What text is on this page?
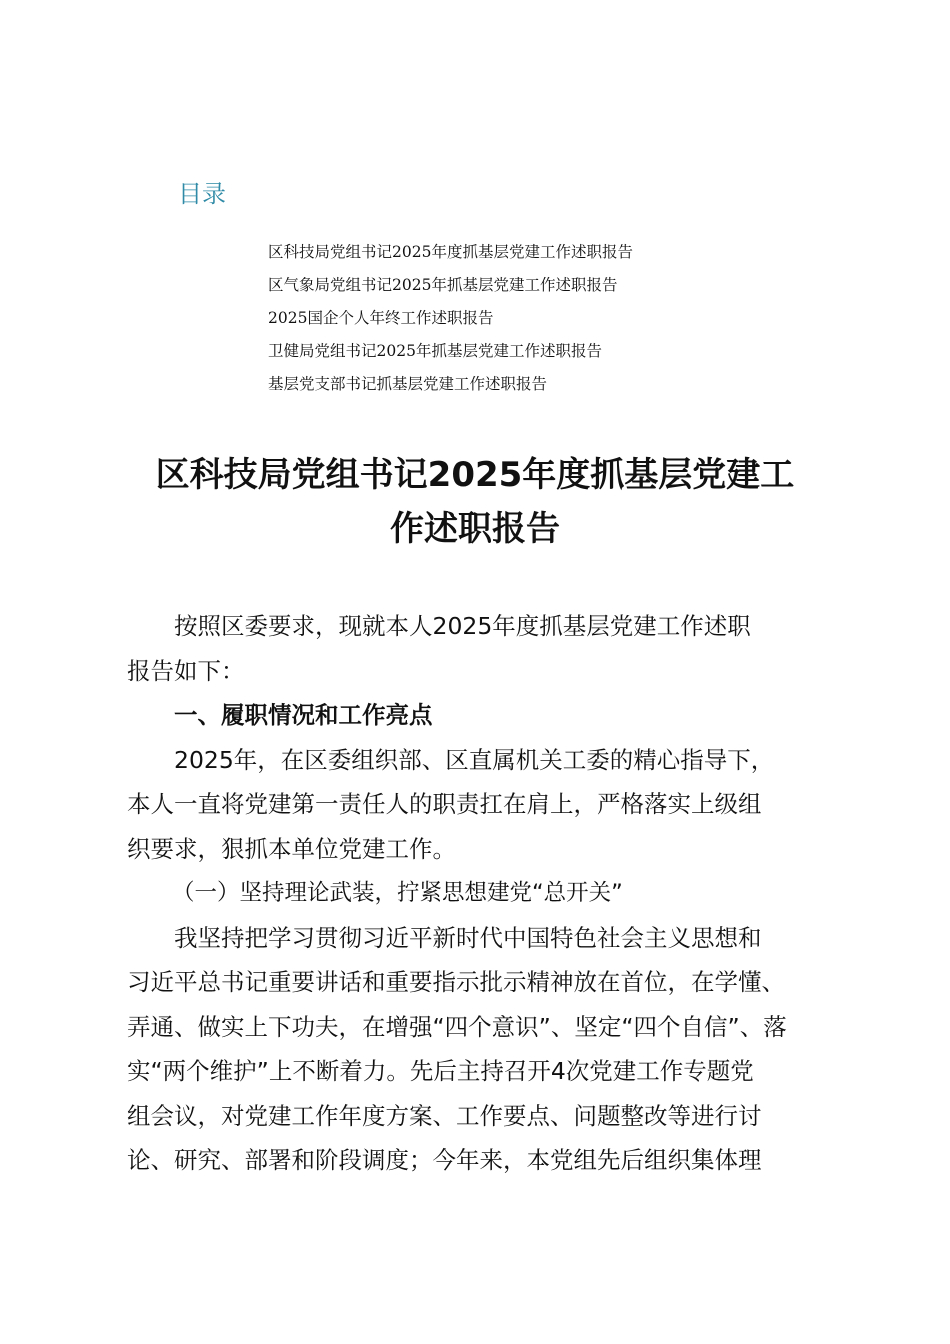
目录
区科技局党组书记2025年度抓基层党建工作述职报告
区气象局党组书记2025年抓基层党建工作述职报告
2025国企个人年终工作述职报告
卫健局党组书记2025年抓基层党建工作述职报告
基层党支部书记抓基层党建工作述职报告
区科技局党组书记2025年度抓基层党建工
作述职报告

按照区委要求，现就本人2025年度抓基层党建工作述职
报告如下：

一、履职情况和工作亮点

2025年，在区委组织部、区直属机关工委的精心指导下，
本人一直将党建第一责任人的职责扛在肩上，严格落实上级组
织要求，狠抓本单位党建工作。

（一）坚持理论武装，拧紧思想建党“总开关”

我坚持把学习贯彻习近平新时代中国特色社会主义思想和
习近平总书记重要讲话和重要指示批示精神放在首位，在学懂、
弄通、做实上下功夫，在增强“四个意识”、坚定“四个自信”、落
实“两个维护”上不断着力。先后主持召开4次党建工作专题党
组会议，对党建工作年度方案、工作要点、问题整改等进行讨
论、研究、部署和阶段调度；今年来，本党组先后组织集体理
